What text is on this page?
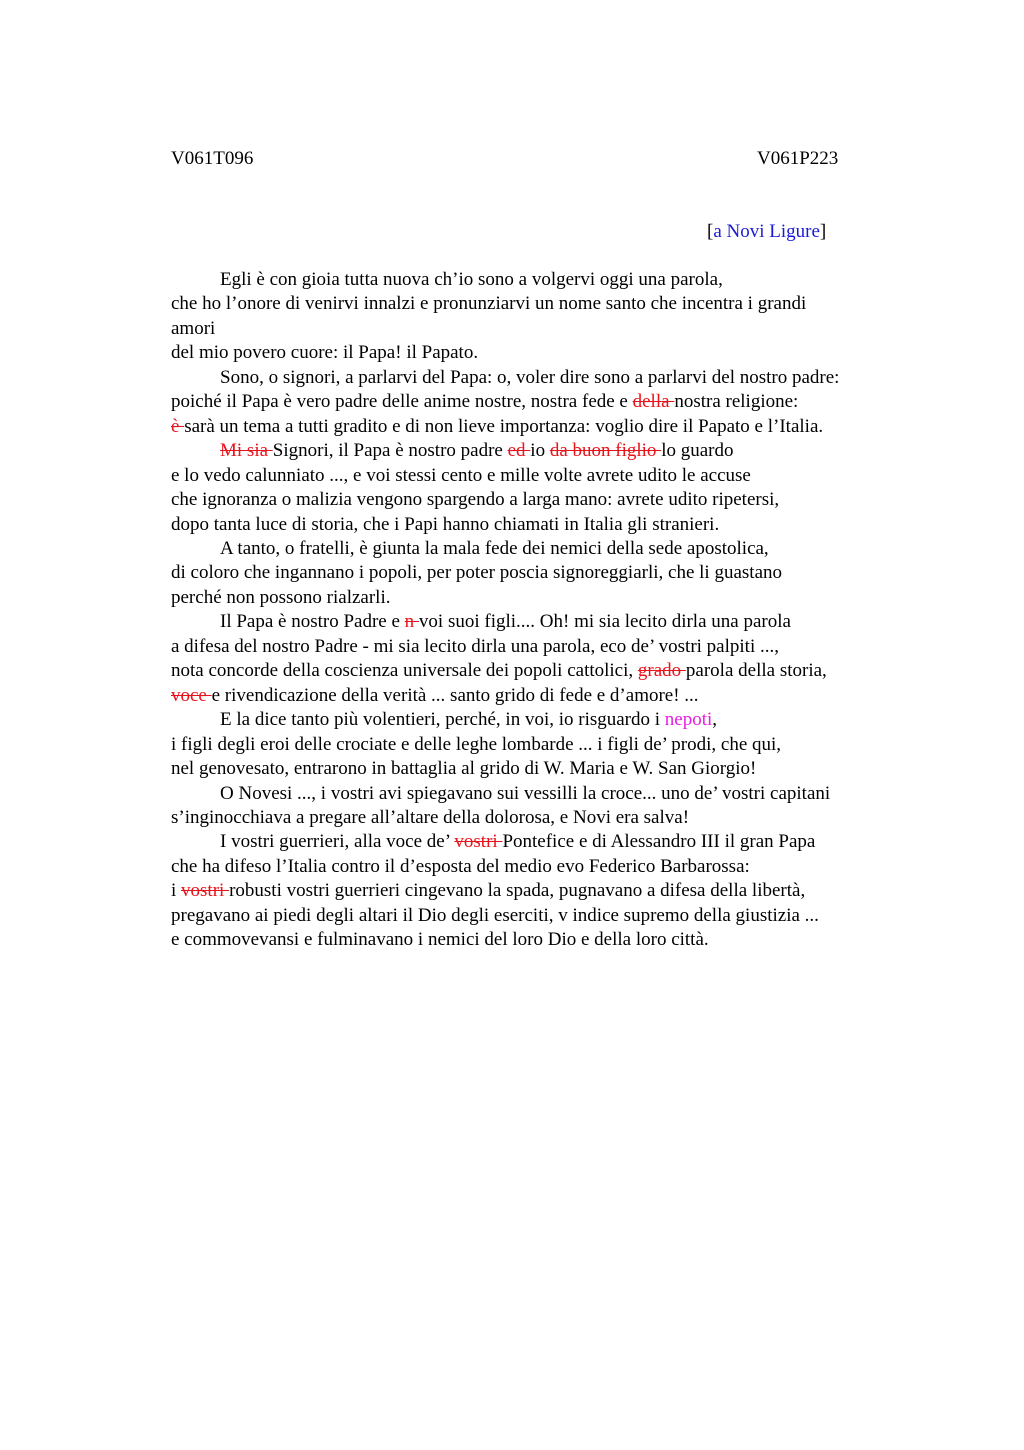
V061T096	V061P223
[a Novi Ligure]
Egli è con gioia tutta nuova ch’io sono a volgervi oggi una parola,
che ho l’onore di venirvi innalzi e pronunziarvi un nome santo che incentra i grandi
amori
del mio povero cuore: il Papa! il Papato.
Sono, o signori, a parlarvi del Papa: o, voler dire sono a parlarvi del nostro padre:
poiché il Papa è vero padre delle anime nostre, nostra fede e della nostra religione:
è sarà un tema a tutti gradito e di non lieve importanza: voglio dire il Papato e l’Italia.
Mi sia Signori, il Papa è nostro padre ed io da buon figlio lo guardo
e lo vedo calunniato ..., e voi stessi cento e mille volte avrete udito le accuse
che ignoranza o malizia vengono spargendo a larga mano: avrete udito ripetersi,
dopo tanta luce di storia, che i Papi hanno chiamati in Italia gli stranieri.
A tanto, o fratelli, è giunta la mala fede dei nemici della sede apostolica,
di coloro che ingannano i popoli, per poter poscia signoreggiarli, che li guastano
perché non possono rialzarli.
Il Papa è nostro Padre e n voi suoi figli.... Oh! mi sia lecito dirla una parola
a difesa del nostro Padre - mi sia lecito dirla una parola, eco de’ vostri palpiti ...,
nota concorde della coscienza universale dei popoli cattolici, grado parola della storia,
voce e rivendicazione della verità ... santo grido di fede e d’amore! ...
E la dice tanto più volentieri, perché, in voi, io risguardo i nepoti,
i figli degli eroi delle crociate e delle leghe lombarde ... i figli de’ prodi, che qui,
nel genovesato, entrarono in battaglia al grido di W. Maria e W. San Giorgio!
O Novesi ..., i vostri avi spiegavano sui vessilli la croce... uno de’ vostri capitani
s’inginocchiava a pregare all’altare della dolorosa, e Novi era salva!
I vostri guerrieri, alla voce de’ vostri Pontefice e di Alessandro III il gran Papa
che ha difeso l’Italia contro il d’esposta del medio evo Federico Barbarossa:
i vostri robusti vostri guerrieri cingevano la spada, pugnavano a difesa della libertà,
pregavano ai piedi degli altari il Dio degli eserciti, v indice supremo della giustizia ...
e commovevansi e fulminavano i nemici del loro Dio e della loro città.
